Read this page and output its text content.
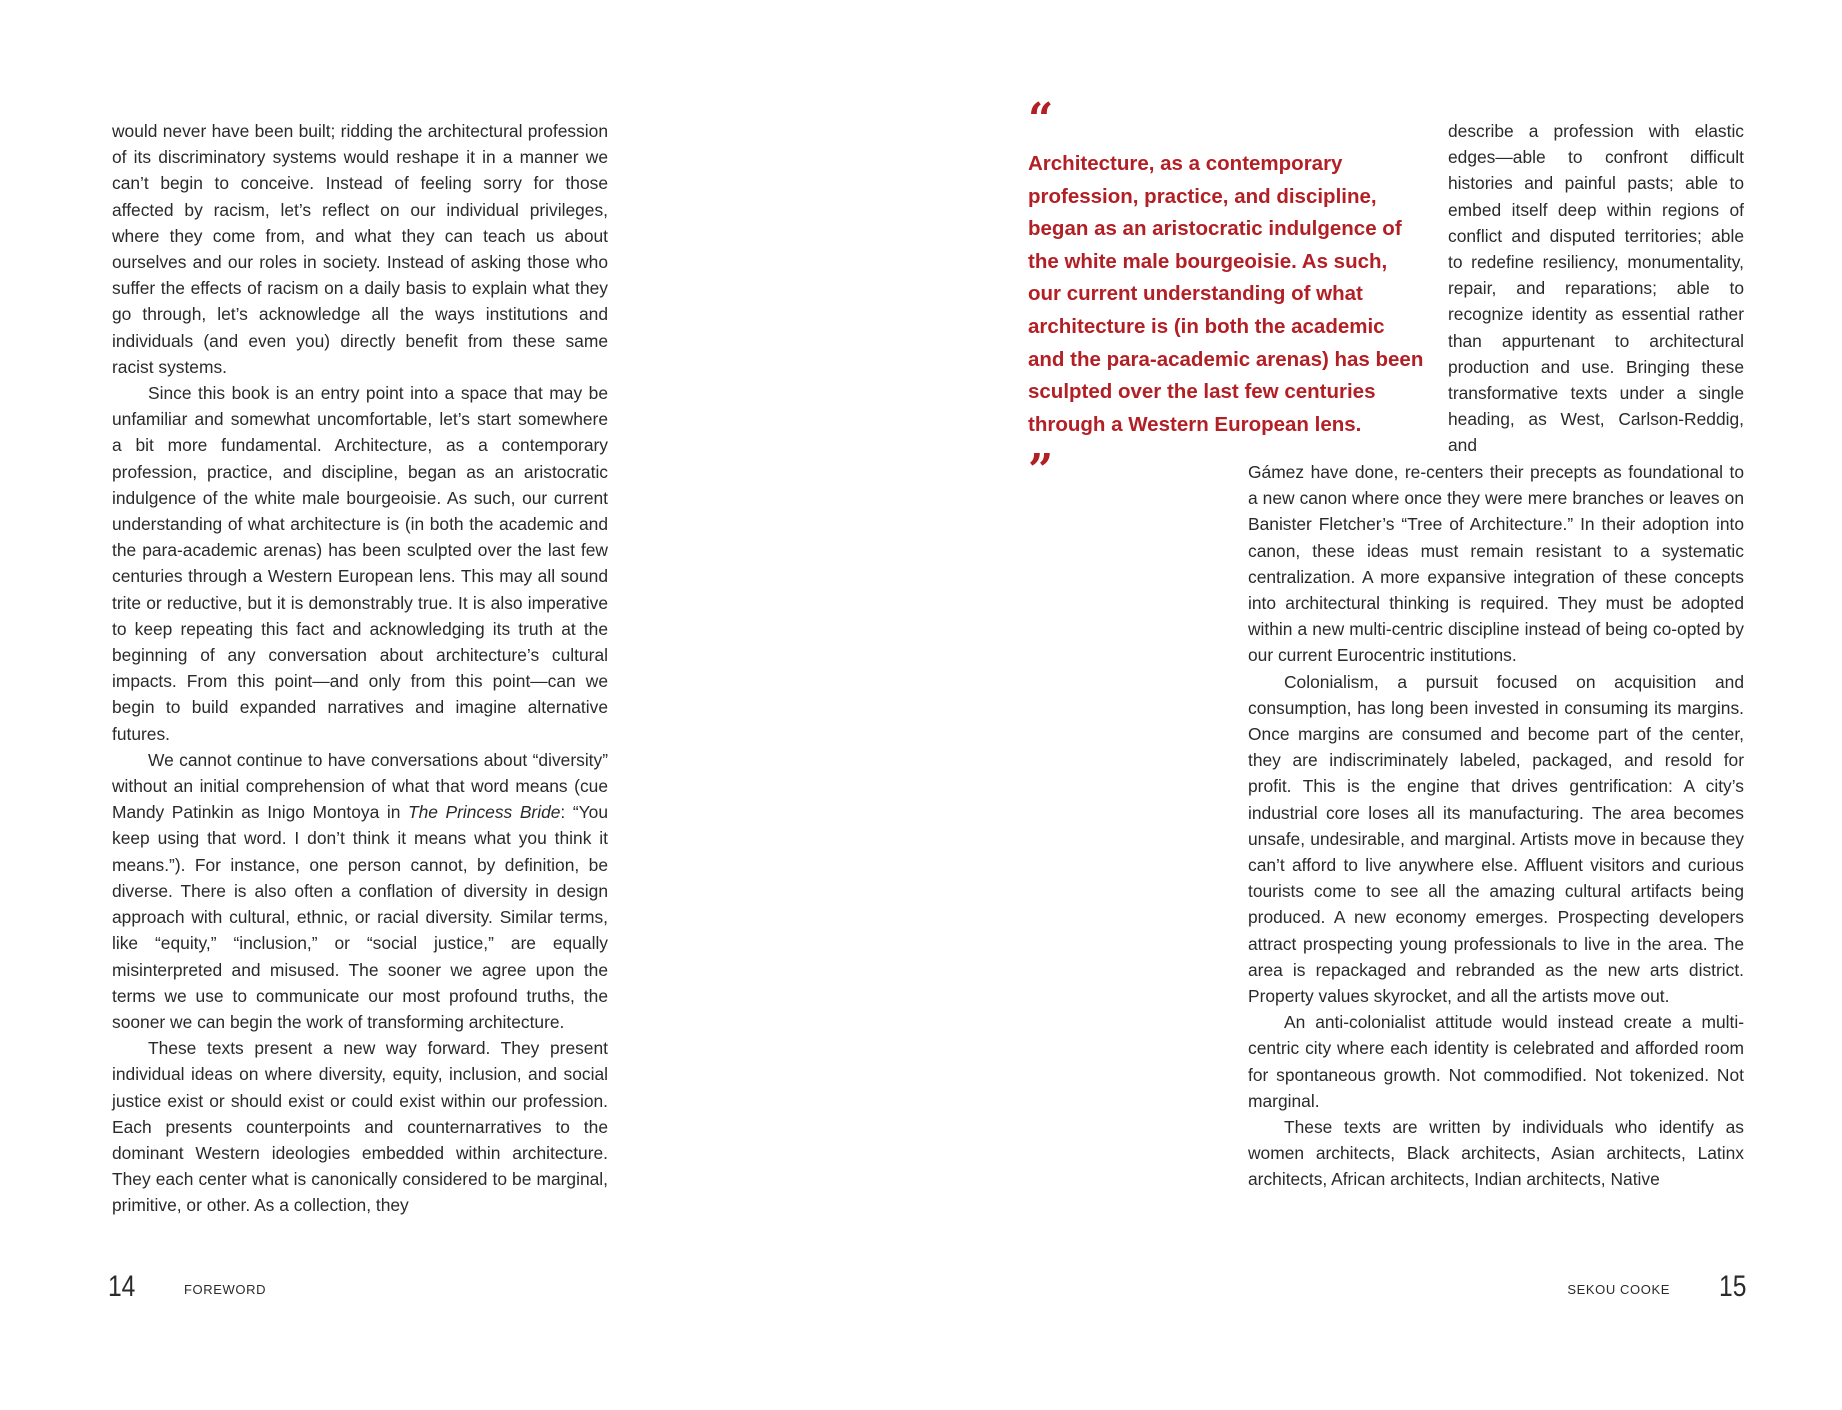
would never have been built; ridding the architectural profession of its discriminatory systems would reshape it in a manner we can’t begin to conceive. Instead of feeling sorry for those affected by racism, let’s reflect on our individual privileges, where they come from, and what they can teach us about ourselves and our roles in society. Instead of asking those who suffer the effects of racism on a daily basis to explain what they go through, let’s acknowledge all the ways institutions and individuals (and even you) directly benefit from these same racist systems.

Since this book is an entry point into a space that may be unfamiliar and somewhat uncomfortable, let’s start somewhere a bit more fundamental. Architecture, as a contemporary profession, practice, and discipline, began as an aristocratic indulgence of the white male bourgeoisie. As such, our current understanding of what architecture is (in both the academic and the para-academic arenas) has been sculpted over the last few centuries through a Western European lens. This may all sound trite or reductive, but it is demonstrably true. It is also imperative to keep repeating this fact and acknowledging its truth at the beginning of any conversation about architecture’s cultural impacts. From this point—and only from this point—can we begin to build expanded narratives and imagine alternative futures.

We cannot continue to have conversations about “diversity” without an initial comprehension of what that word means (cue Mandy Patinkin as Inigo Montoya in The Princess Bride: “You keep using that word. I don’t think it means what you think it means.”). For instance, one person cannot, by definition, be diverse. There is also often a conflation of diversity in design approach with cultural, ethnic, or racial diversity. Similar terms, like “equity,” “inclusion,” or “social justice,” are equally misinterpreted and misused. The sooner we agree upon the terms we use to communicate our most profound truths, the sooner we can begin the work of transforming architecture.

These texts present a new way forward. They present individual ideas on where diversity, equity, inclusion, and social justice exist or should exist or could exist within our profession. Each presents counterpoints and counternarratives to the dominant Western ideologies embedded within architecture. They each center what is canonically considered to be marginal, primitive, or other. As a collection, they

14	FOREWORD
“
Architecture, as a contemporary
profession, practice, and discipline,
began as an aristocratic indulgence of
the white male bourgeoisie. As such,
our current understanding of what
architecture is (in both the academic
and the para-academic arenas) has been
sculpted over the last few centuries
through a Western European lens.
”

describe a profession with elastic edges—able to confront difficult histories and painful pasts; able to embed itself deep within regions of conflict and disputed territories; able to redefine resiliency, monumentality, repair, and reparations; able to recognize identity as essential rather than appurtenant to architectural production and use. Bringing these transformative texts under a single heading, as West, Carlson-Reddig, and

Gámez have done, re-centers their precepts as foundational to a new canon where once they were mere branches or leaves on Banister Fletcher’s “Tree of Architecture.” In their adoption into canon, these ideas must remain resistant to a systematic centralization. A more expansive integration of these concepts into architectural thinking is required. They must be adopted within a new multi-centric discipline instead of being co-opted by our current Eurocentric institutions.

Colonialism, a pursuit focused on acquisition and consumption, has long been invested in consuming its margins. Once margins are consumed and become part of the center, they are indiscriminately labeled, packaged, and resold for profit. This is the engine that drives gentrification: A city’s industrial core loses all its manufacturing. The area becomes unsafe, undesirable, and marginal. Artists move in because they can’t afford to live anywhere else. Affluent visitors and curious tourists come to see all the amazing cultural artifacts being produced. A new economy emerges. Prospecting developers attract prospecting young professionals to live in the area. The area is repackaged and rebranded as the new arts district. Property values skyrocket, and all the artists move out.

An anti-colonialist attitude would instead create a multi-centric city where each identity is celebrated and afforded room for spontaneous growth. Not commodified. Not tokenized. Not marginal.

These texts are written by individuals who identify as women architects, Black architects, Asian architects, Latinx architects, African architects, Indian architects, Native

SEKOU COOKE 15
